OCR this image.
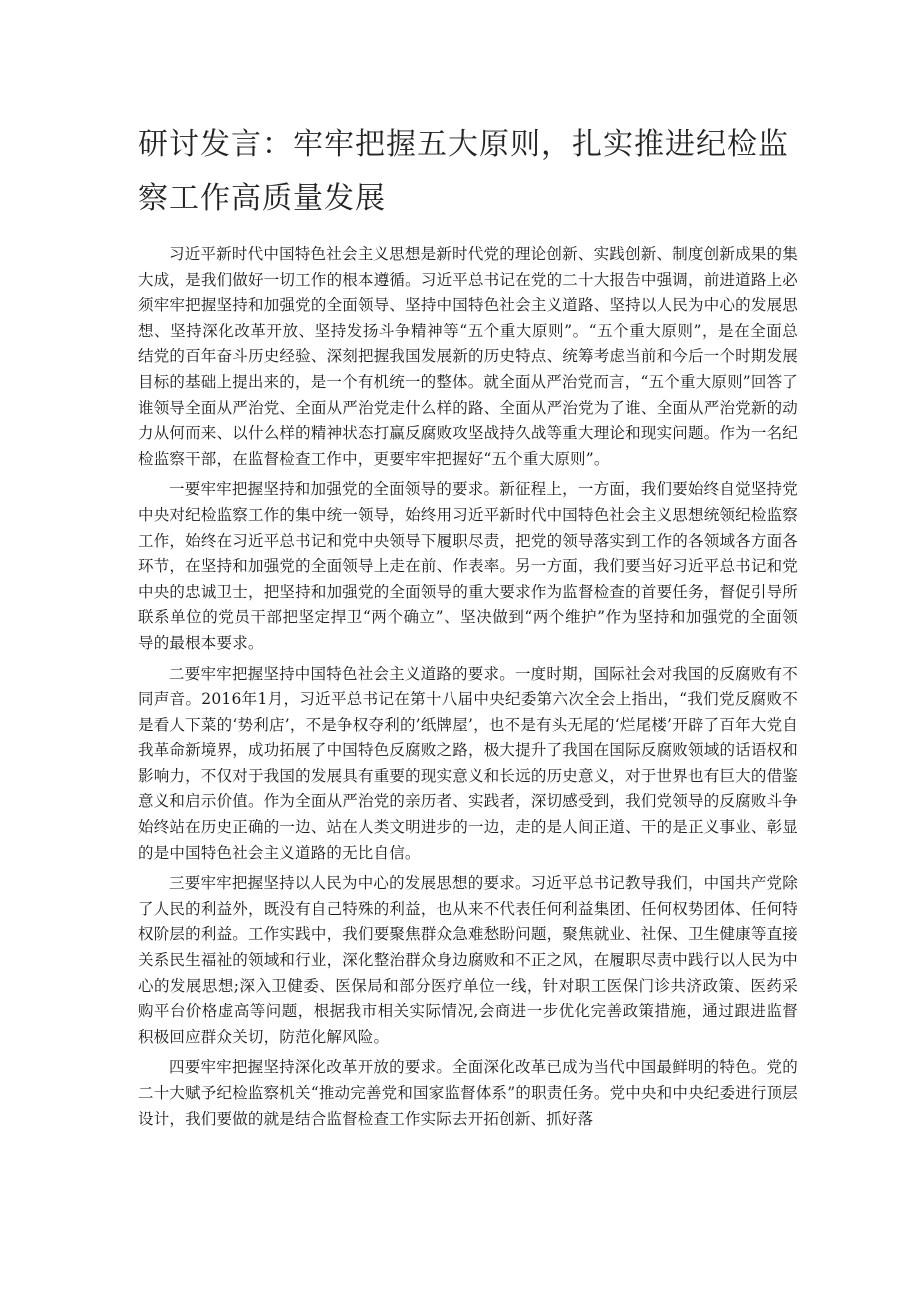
研讨发言：牢牢把握五大原则，扎实推进纪检监察工作高质量发展

习近平新时代中国特色社会主义思想是新时代党的理论创新、实践创新、制度创新成果的集大成，是我们做好一切工作的根本遵循。习近平总书记在党的二十大报告中强调，前进道路上必须牢牢把握坚持和加强党的全面领导、坚持中国特色社会主义道路、坚持以人民为中心的发展思想、坚持深化改革开放、坚持发扬斗争精神等“五个重大原则”。“五个重大原则”，是在全面总结党的百年奋斗历史经验、深刻把握我国发展新的历史特点、统筹考虑当前和今后一个时期发展目标的基础上提出来的，是一个有机统一的整体。就全面从严治党而言，“五个重大原则”回答了谁领导全面从严治党、全面从严治党走什么样的路、全面从严治党为了谁、全面从严治党新的动力从何而来、以什么样的精神状态打赢反腐败攻坚战持久战等重大理论和现实问题。作为一名纪检监察干部，在监督检查工作中，更要牢牢把握好“五个重大原则”。

一要牢牢把握坚持和加强党的全面领导的要求。新征程上，一方面，我们要始终自觉坚持党中央对纪检监察工作的集中统一领导，始终用习近平新时代中国特色社会主义思想统领纪检监察工作，始终在习近平总书记和党中央领导下履职尽责，把党的领导落实到工作的各领域各方面各环节，在坚持和加强党的全面领导上走在前、作表率。另一方面，我们要当好习近平总书记和党中央的忠诚卫士，把坚持和加强党的全面领导的重大要求作为监督检查的首要任务，督促引导所联系单位的党员干部把坚定捍卫“两个确立”、坚决做到“两个维护”作为坚持和加强党的全面领导的最根本要求。

二要牢牢把握坚持中国特色社会主义道路的要求。一度时期，国际社会对我国的反腐败有不同声音。2016年1月，习近平总书记在第十八届中央纪委第六次全会上指出，“我们党反腐败不是看人下菜的‘势利店’，不是争权夺利的’纸牌屋’，也不是有头无尾的‘烂尾楼’开辟了百年大党自我革命新境界，成功拓展了中国特色反腐败之路，极大提升了我国在国际反腐败领域的话语权和影响力，不仅对于我国的发展具有重要的现实意义和长远的历史意义，对于世界也有巨大的借鉴意义和启示价值。作为全面从严治党的亲历者、实践者，深切感受到，我们党领导的反腐败斗争始终站在历史正确的一边、站在人类文明进步的一边，走的是人间正道、干的是正义事业、彰显的是中国特色社会主义道路的无比自信。

三要牢牢把握坚持以人民为中心的发展思想的要求。习近平总书记教导我们，中国共产党除了人民的利益外，既没有自己特殊的利益，也从来不代表任何利益集团、任何权势团体、任何特权阶层的利益。工作实践中，我们要聚焦群众急难愁盼问题，聚焦就业、社保、卫生健康等直接关系民生福祉的领域和行业，深化整治群众身边腐败和不正之风，在履职尽责中践行以人民为中心的发展思想;深入卫健委、医保局和部分医疗单位一线，针对职工医保门诊共济政策、医药采购平台价格虚高等问题，根据我市相关实际情况,会商进一步优化完善政策措施，通过跟进监督积极回应群众关切，防范化解风险。

四要牢牢把握坚持深化改革开放的要求。全面深化改革已成为当代中国最鲜明的特色。党的二十大赋予纪检监察机关“推动完善党和国家监督体系”的职责任务。党中央和中央纪委进行顶层设计，我们要做的就是结合监督检查工作实际去开拓创新、抓好落
